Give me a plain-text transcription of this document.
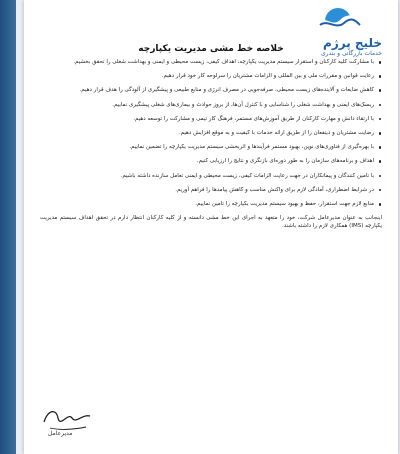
خلیج پرژم
خدمات بازرگانی و بندری
خلاصه خط مشی مدیریت یکپارچه
با مشارکت کلیه کارکنان و استقرار سیستم مدیریت یکپارچه، اهداف کیفی، زیست محیطی و ایمنی و بهداشت شغلی را تحقق بخشیم.
رعایت قوانین و مقررات ملی و بین المللی و الزامات مشتریان را سرلوحه کار خود قرار دهیم.
کاهش ضایعات و آلاینده‌های زیست محیطی، صرفه‌جویی در مصرف انرژی و منابع طبیعی و پیشگیری از آلودگی را هدف قرار دهیم.
ریسک‌های ایمنی و بهداشت شغلی را شناسایی و با کنترل آن‌ها، از بروز حوادث و بیماری‌های شغلی پیشگیری نماییم.
با ارتقاء دانش و مهارت کارکنان از طریق آموزش‌های مستمر، فرهنگ کار تیمی و مشارکت را توسعه دهیم.
رضایت مشتریان و ذینفعان را از طریق ارائه خدمات با کیفیت و به موقع افزایش دهیم.
با بهره‌گیری از فناوری‌های نوین، بهبود مستمر فرآیندها و اثربخشی سیستم مدیریت یکپارچه را تضمین نماییم.
اهداف و برنامه‌های سازمان را به طور دوره‌ای بازنگری و نتایج را ارزیابی کنیم.
با تامین کنندگان و پیمانکاران در جهت رعایت الزامات کیفی، زیست محیطی و ایمنی تعامل سازنده داشته باشیم.
در شرایط اضطراری، آمادگی لازم برای واکنش مناسب و کاهش پیامدها را فراهم آوریم.
منابع لازم جهت استقرار، حفظ و بهبود سیستم مدیریت یکپارچه را تامین نماییم.

اینجانب به عنوان مدیرعامل شرکت، خود را متعهد به اجرای این خط مشی دانسته و از کلیه کارکنان انتظار دارم در تحقق اهداف سیستم مدیریت یکپارچه (IMS) همکاری لازم را داشته باشند.

مدیرعامل
